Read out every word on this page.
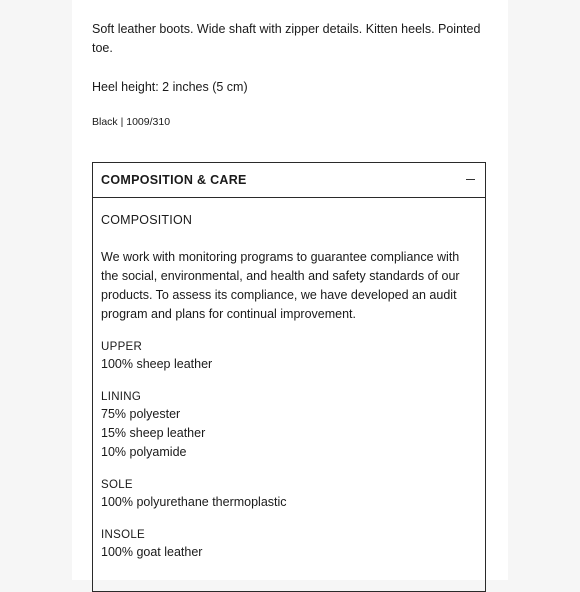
Soft leather boots. Wide shaft with zipper details. Kitten heels. Pointed toe.

Heel height: 2 inches (5 cm)

Black | 1009/310

COMPOSITION & CARE
COMPOSITION

We work with monitoring programs to guarantee compliance with the social, environmental, and health and safety standards of our products. To assess its compliance, we have developed an audit program and plans for continual improvement.

UPPER
100% sheep leather
LINING
75% polyester
15% sheep leather
10% polyamide
SOLE
100% polyurethane thermoplastic
INSOLE
100% goat leather
